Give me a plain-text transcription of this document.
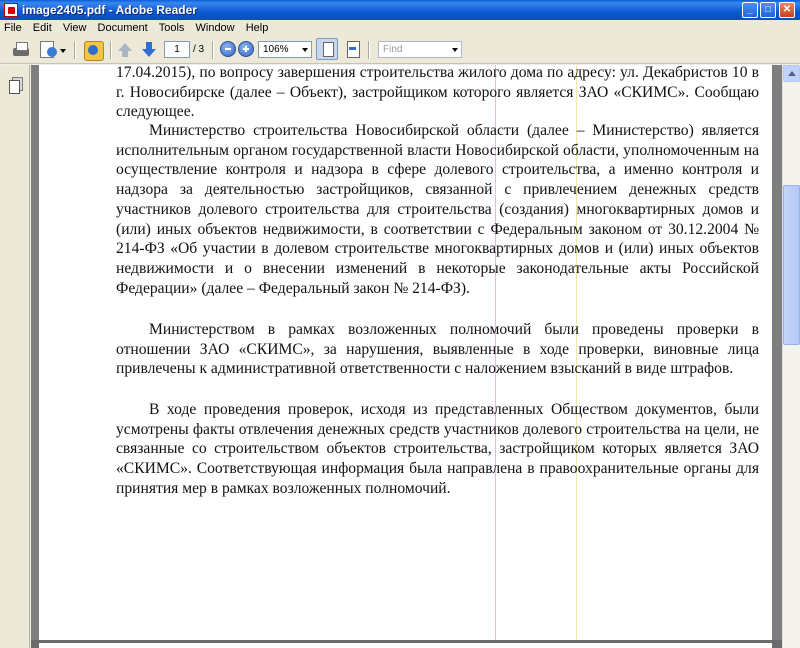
image2405.pdf - Adobe Reader	_	□	✕
File Edit View Document Tools Window Help
1	/ 3	106%	Find

17.04.2015), по вопросу завершения строительства жилого дома по адресу: ул. Декабристов 10 в г. Новосибирске (далее – Объект), застройщиком которого является ЗАО «СКИМС». Сообщаю следующее.

Министерство строительства Новосибирской области (далее – Министерство) является исполнительным органом государственной власти Новосибирской области, уполномоченным на осуществление контроля и надзора в сфере долевого строительства, а именно контроля и надзора за деятельностью застройщиков, связанной с привлечением денежных средств участников долевого строительства для строительства (создания) многоквартирных домов и (или) иных объектов недвижимости, в соответствии с Федеральным законом от 30.12.2004 № 214-ФЗ «Об участии в долевом строительстве многоквартирных домов и (или) иных объектов недвижимости и о внесении изменений в некоторые законодательные акты Российской Федерации» (далее – Федеральный закон № 214-ФЗ).

Министерством в рамках возложенных полномочий были проведены проверки в отношении ЗАО «СКИМС», за нарушения, выявленные в ходе проверки, виновные лица привлечены к административной ответственности с наложением взысканий в виде штрафов.

В ходе проведения проверок, исходя из представленных Обществом документов, были усмотрены факты отвлечения денежных средств участников долевого строительства на цели, не связанные со строительством объектов строительства, застройщиком которых является ЗАО «СКИМС». Соответствующая информация была направлена в правоохранительные органы для принятия мер в рамках возложенных полномочий.
